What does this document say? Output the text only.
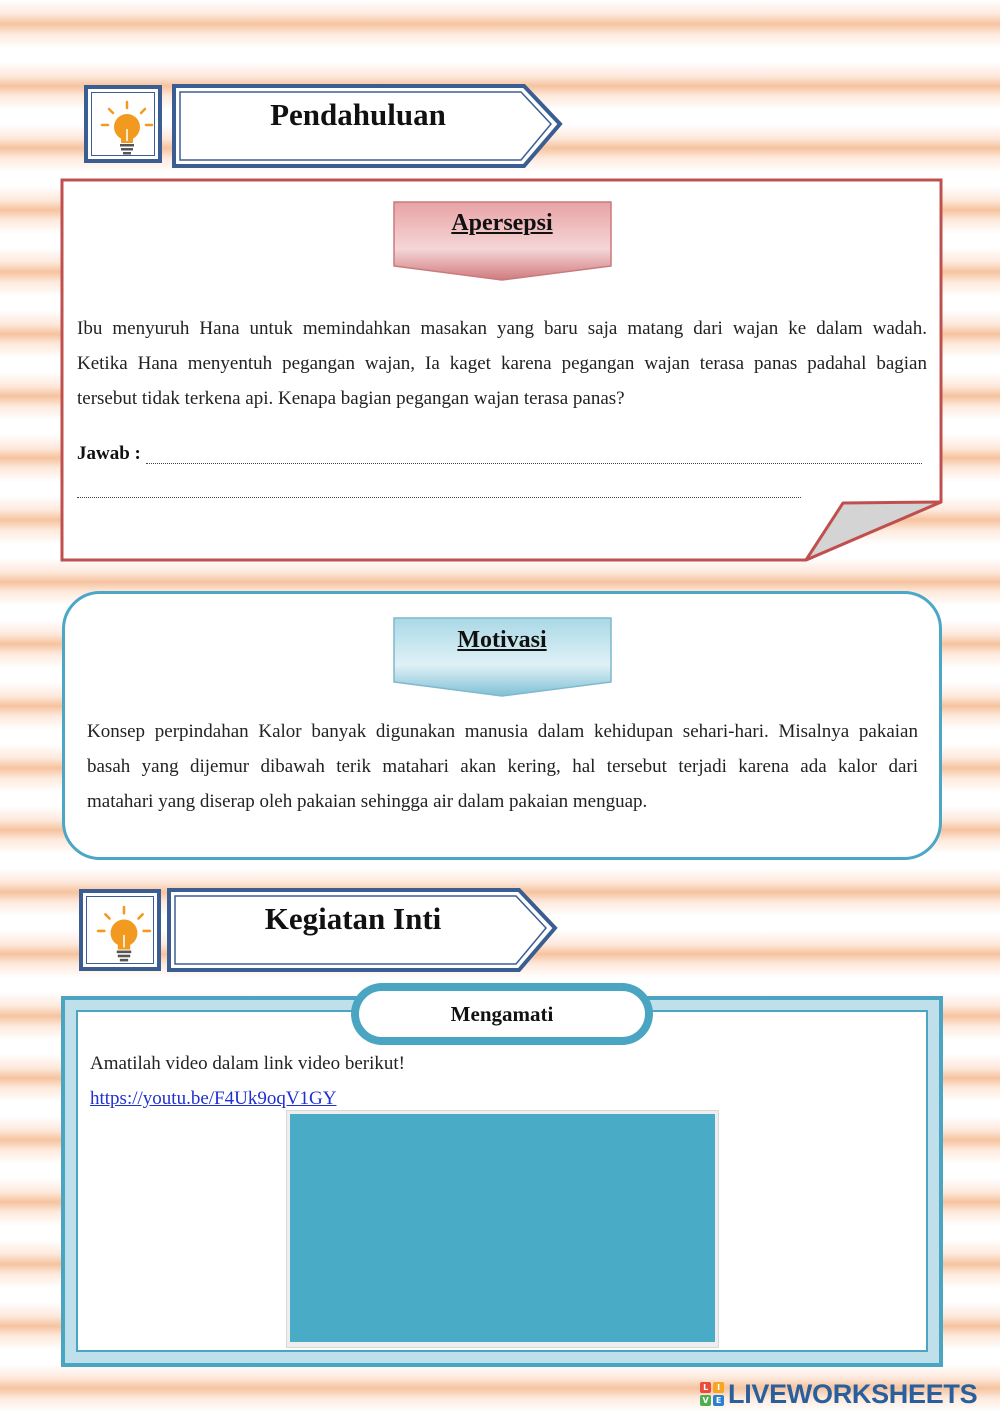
Pendahuluan
Apersepsi
Ibu menyuruh Hana untuk memindahkan masakan yang baru saja matang dari wajan ke dalam wadah.
Ketika Hana menyentuh pegangan wajan, Ia kaget karena pegangan wajan terasa panas padahal bagian
tersebut tidak terkena api. Kenapa bagian pegangan wajan terasa panas?
Jawab :
Motivasi
Konsep perpindahan Kalor banyak digunakan manusia dalam kehidupan sehari-hari. Misalnya pakaian
basah yang dijemur dibawah terik matahari akan kering, hal tersebut terjadi karena ada kalor dari
matahari yang diserap oleh pakaian sehingga air dalam pakaian menguap.
Kegiatan Inti
Mengamati
Amatilah video dalam link video berikut!
https://youtu.be/F4Uk9oqV1GY
L	I
V E LIVEWORKSHEETS
